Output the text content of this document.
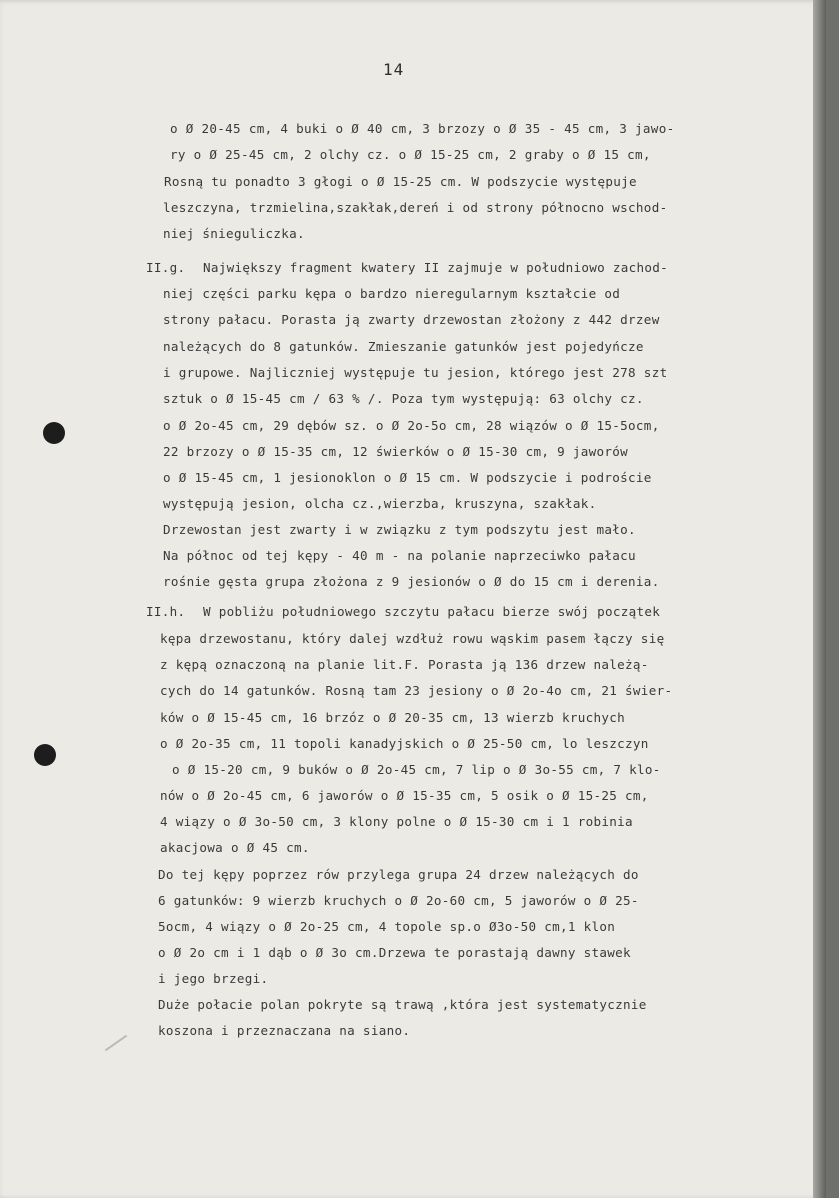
14
o Ø 20-45 cm, 4 buki o Ø 40 cm, 3 brzozy o Ø 35 - 45 cm, 3 jawo-
ry o Ø 25-45 cm, 2 olchy cz. o Ø 15-25 cm, 2 graby o Ø 15 cm,
Rosną tu ponadto 3 głogi o Ø 15-25 cm. W podszycie występuje
leszczyna, trzmielina,szakłak,dereń i od strony północno wschod-
niej śnieguliczka.
II.g. Największy fragment kwatery II zajmuje w południowo zachod-
niej części parku kępa o bardzo nieregularnym kształcie od
strony pałacu. Porasta ją zwarty drzewostan złożony z 442 drzew
należących do 8 gatunków. Zmieszanie gatunków jest pojedyńcze
i grupowe. Najliczniej występuje tu jesion, którego jest 278 szt
sztuk o Ø 15-45 cm / 63 % /. Poza tym występują: 63 olchy cz.
o Ø 2o-45 cm, 29 dębów sz. o Ø 2o-5o cm, 28 wiązów o Ø 15-5ocm,
22 brzozy o Ø 15-35 cm, 12 świerków o Ø 15-30 cm, 9 jaworów
o Ø 15-45 cm, 1 jesionoklon o Ø 15 cm. W podszycie i podroście
występują jesion, olcha cz.,wierzba, kruszyna, szakłak.
Drzewostan jest zwarty i w związku z tym podszytu jest mało.
Na północ od tej kępy - 40 m - na polanie naprzeciwko pałacu
rośnie gęsta grupa złożona z 9 jesionów o Ø do 15 cm i derenia.
II.h. W pobliżu południowego szczytu pałacu bierze swój początek
kępa drzewostanu, który dalej wzdłuż rowu wąskim pasem łączy się
z kępą oznaczoną na planie lit.F. Porasta ją 136 drzew należą-
cych do 14 gatunków. Rosną tam 23 jesiony o Ø 2o-4o cm, 21 świer-
ków o Ø 15-45 cm, 16 brzóz o Ø 20-35 cm, 13 wierzb kruchych
o Ø 2o-35 cm, 11 topoli kanadyjskich o Ø 25-50 cm, lo leszczyn
o Ø 15-20 cm, 9 buków o Ø 2o-45 cm, 7 lip o Ø 3o-55 cm, 7 klo-
nów o Ø 2o-45 cm, 6 jaworów o Ø 15-35 cm, 5 osik o Ø 15-25 cm,
4 wiązy o Ø 3o-50 cm, 3 klony polne o Ø 15-30 cm i 1 robinia
akacjowa o Ø 45 cm.
Do tej kępy poprzez rów przylega grupa 24 drzew należących do
6 gatunków: 9 wierzb kruchych o Ø 2o-60 cm, 5 jaworów o Ø 25-
5ocm, 4 wiązy o Ø 2o-25 cm, 4 topole sp.o Ø3o-50 cm,1 klon
o Ø 2o cm i 1 dąb o Ø 3o cm.Drzewa te porastają dawny stawek
i jego brzegi.
Duże połacie polan pokryte są trawą ,która jest systematycznie
koszona i przeznaczana na siano.
